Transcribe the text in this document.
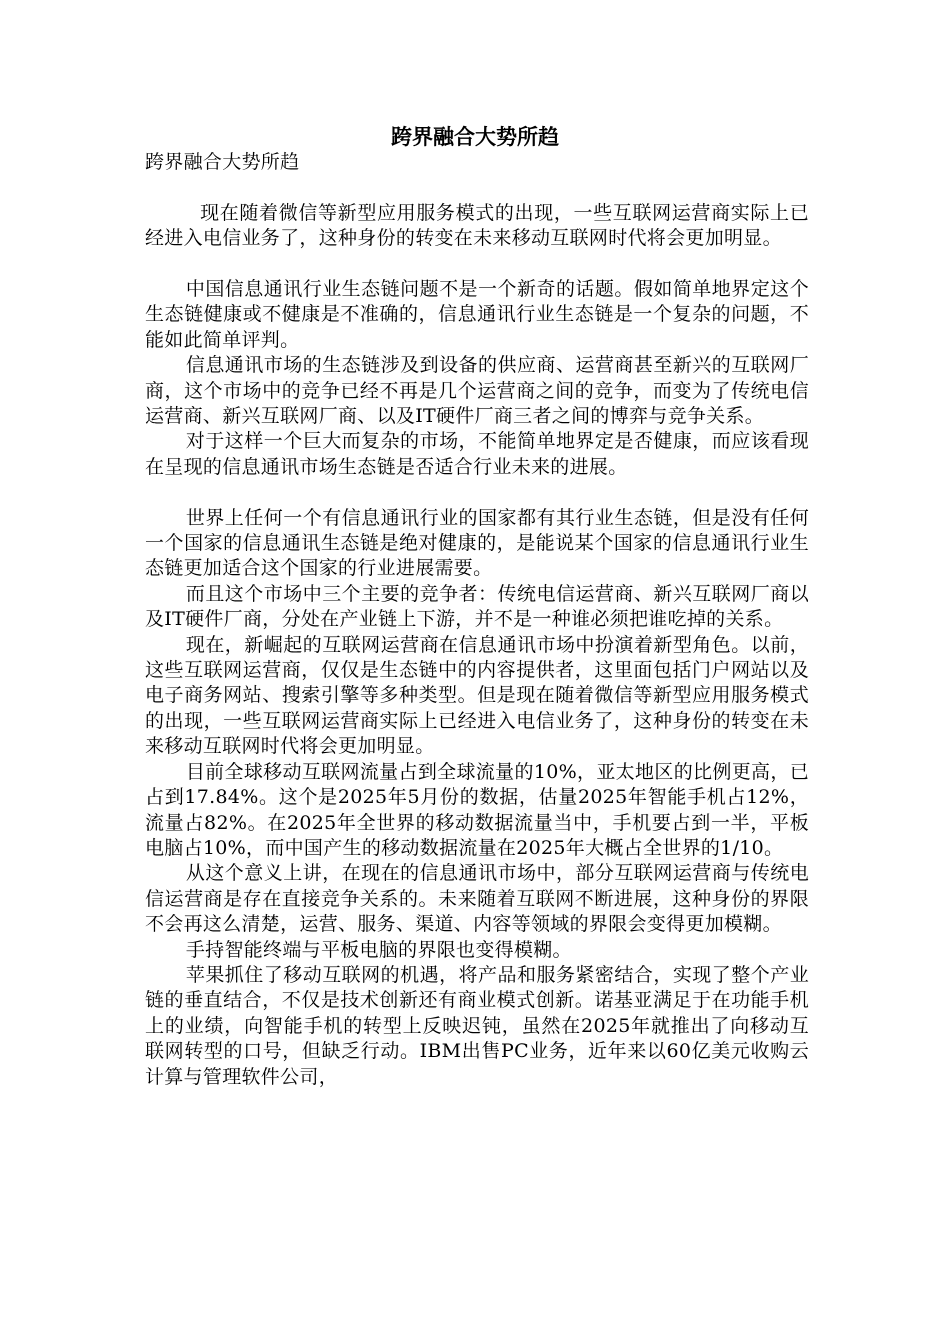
跨界融合大势所趋

跨界融合大势所趋

现在随着微信等新型应用服务模式的出现，一些互联网运营商实际上已经进入电信业务了，这种身份的转变在未来移动互联网时代将会更加明显。

中国信息通讯行业生态链问题不是一个新奇的话题。假如简单地界定这个生态链健康或不健康是不准确的，信息通讯行业生态链是一个复杂的问题，不能如此简单评判。

信息通讯市场的生态链涉及到设备的供应商、运营商甚至新兴的互联网厂商，这个市场中的竞争已经不再是几个运营商之间的竞争，而变为了传统电信运营商、新兴互联网厂商、以及IT硬件厂商三者之间的博弈与竞争关系。

对于这样一个巨大而复杂的市场，不能简单地界定是否健康，而应该看现在呈现的信息通讯市场生态链是否适合行业未来的进展。

世界上任何一个有信息通讯行业的国家都有其行业生态链，但是没有任何一个国家的信息通讯生态链是绝对健康的，是能说某个国家的信息通讯行业生态链更加适合这个国家的行业进展需要。

而且这个市场中三个主要的竞争者：传统电信运营商、新兴互联网厂商以及IT硬件厂商，分处在产业链上下游，并不是一种谁必须把谁吃掉的关系。

现在，新崛起的互联网运营商在信息通讯市场中扮演着新型角色。以前，这些互联网运营商，仅仅是生态链中的内容提供者，这里面包括门户网站以及电子商务网站、搜索引擎等多种类型。但是现在随着微信等新型应用服务模式的出现，一些互联网运营商实际上已经进入电信业务了，这种身份的转变在未来移动互联网时代将会更加明显。

目前全球移动互联网流量占到全球流量的10%，亚太地区的比例更高，已占到17.84%。这个是2025年5月份的数据，估量2025年智能手机占12%，流量占82%。在2025年全世界的移动数据流量当中，手机要占到一半，平板电脑占10%，而中国产生的移动数据流量在2025年大概占全世界的1/10。

从这个意义上讲，在现在的信息通讯市场中，部分互联网运营商与传统电信运营商是存在直接竞争关系的。未来随着互联网不断进展，这种身份的界限不会再这么清楚，运营、服务、渠道、内容等领域的界限会变得更加模糊。

手持智能终端与平板电脑的界限也变得模糊。

苹果抓住了移动互联网的机遇，将产品和服务紧密结合，实现了整个产业链的垂直结合，不仅是技术创新还有商业模式创新。诺基亚满足于在功能手机上的业绩，向智能手机的转型上反映迟钝，虽然在2025年就推出了向移动互联网转型的口号，但缺乏行动。IBM出售PC业务，近年来以60亿美元收购云计算与管理软件公司，
